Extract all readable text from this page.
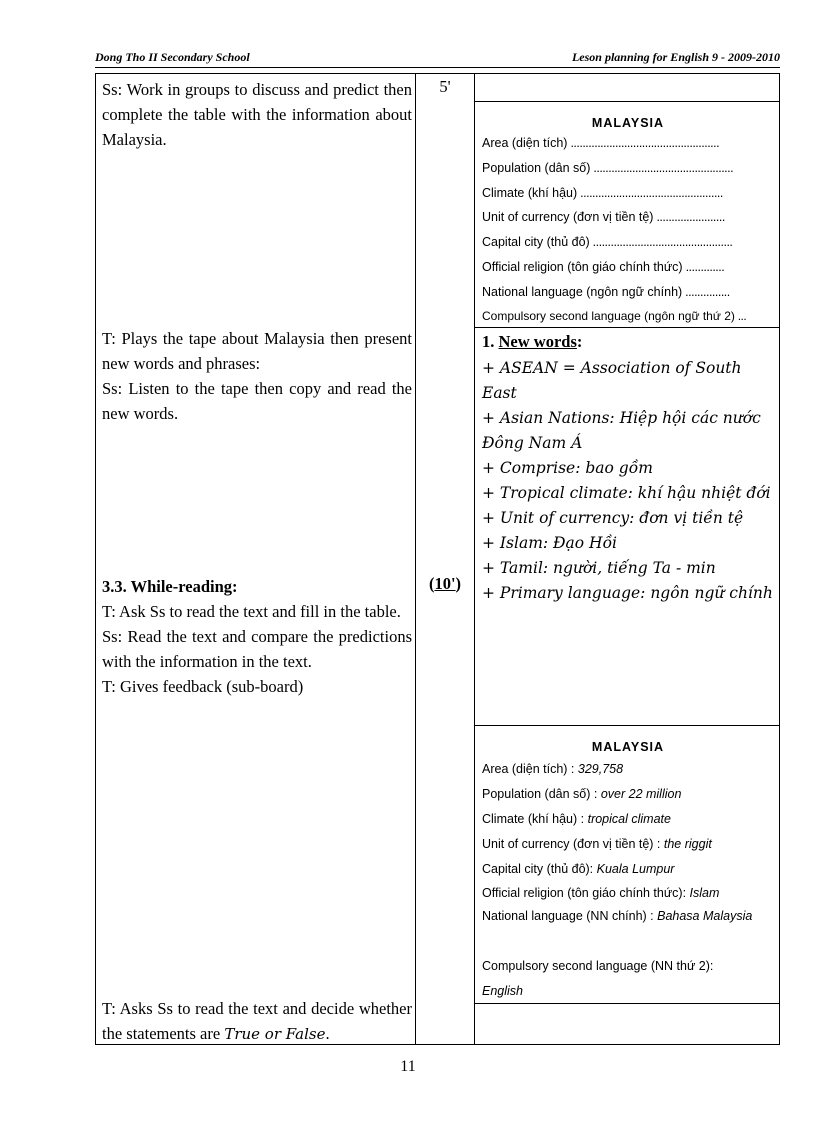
Dong Tho II Secondary School	Leson planning for English 9 - 2009-2010
Ss: Work in groups to discuss and predict then complete the table with the information about Malaysia.

T: Plays the tape about Malaysia then present new words and phrases:

Ss: Listen to the tape then copy and read the new words.

3.3. While-reading:

T: Ask Ss to read the text and fill in the table.

Ss: Read the text and compare the predictions with the information in the text.

T: Gives feedback (sub-board)

T: Asks Ss to read the text and decide whether the statements are True or False.

5'
(10')
MALAYSIA
Area (diện tích) ..................................................
Population (dân số) ...............................................
Climate (khí hậu) ................................................
Unit of currency (đơn vị tiền tệ) .......................
Capital city (thủ đô) ...............................................
Official religion (tôn giáo chính thức) .............
National language (ngôn ngữ chính) ...............
Compulsory second language (ngôn ngữ thứ 2) ...
1. New words:

+ ASEAN = Association of South East

+ Asian Nations: Hiệp hội các nước

Đông Nam Á

+ Comprise: bao gồm

+ Tropical climate: khí hậu nhiệt đới

+ Unit of currency: đơn vị tiền tệ

+ Islam: Đạo Hồi

+ Tamil: người, tiếng Ta - min

+ Primary language: ngôn ngữ chính

MALAYSIA
Area (diện tích) : 329,758
Population (dân số) : over 22 million
Climate (khí hậu) : tropical climate
Unit of currency (đơn vị tiền tệ) : the riggit
Capital city (thủ đô): Kuala Lumpur
Official religion (tôn giáo chính thức): Islam
National language (NN chính) : Bahasa Malaysia
Compulsory second language (NN thứ 2):
English
11
